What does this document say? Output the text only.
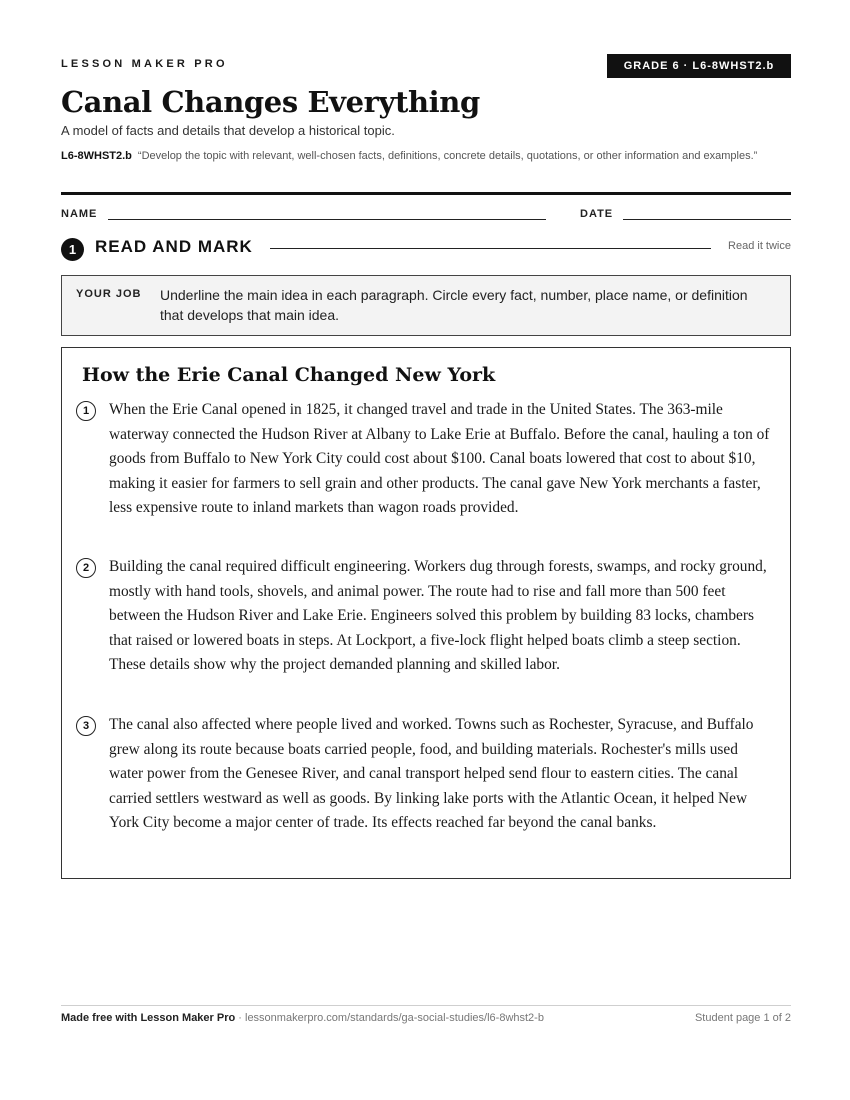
LESSON MAKER PRO	GRADE 6 · L6-8WHST2.b
Canal Changes Everything
A model of facts and details that develop a historical topic.
L6-8WHST2.b “Develop the topic with relevant, well-chosen facts, definitions, concrete details, quotations, or other information and examples.”
NAME	DATE
1	READ AND MARK	Read it twice
YOUR JOB Underline the main idea in each paragraph. Circle every fact, number, place name, or definition that develops that main idea.
How the Erie Canal Changed New York
1	When the Erie Canal opened in 1825, it changed travel and trade in the United States. The 363-mile waterway connected the Hudson River at Albany to Lake Erie at Buffalo. Before the canal, hauling a ton of goods from Buffalo to New York City could cost about $100. Canal boats lowered that cost to about $10, making it easier for farmers to sell grain and other products. The canal gave New York merchants a faster, less expensive route to inland markets than wagon roads provided.
2	Building the canal required difficult engineering. Workers dug through forests, swamps, and rocky ground, mostly with hand tools, shovels, and animal power. The route had to rise and fall more than 500 feet between the Hudson River and Lake Erie. Engineers solved this problem by building 83 locks, chambers that raised or lowered boats in steps. At Lockport, a five-lock flight helped boats climb a steep section. These details show why the project demanded planning and skilled labor.
3	The canal also affected where people lived and worked. Towns such as Rochester, Syracuse, and Buffalo grew along its route because boats carried people, food, and building materials. Rochester's mills used water power from the Genesee River, and canal transport helped send flour to eastern cities. The canal carried settlers westward as well as goods. By linking lake ports with the Atlantic Ocean, it helped New York City become a major center of trade. Its effects reached far beyond the canal banks.
Made free with Lesson Maker Pro · lessonmakerpro.com/standards/ga-social-studies/l6-8whst2-b	Student page 1 of 2
